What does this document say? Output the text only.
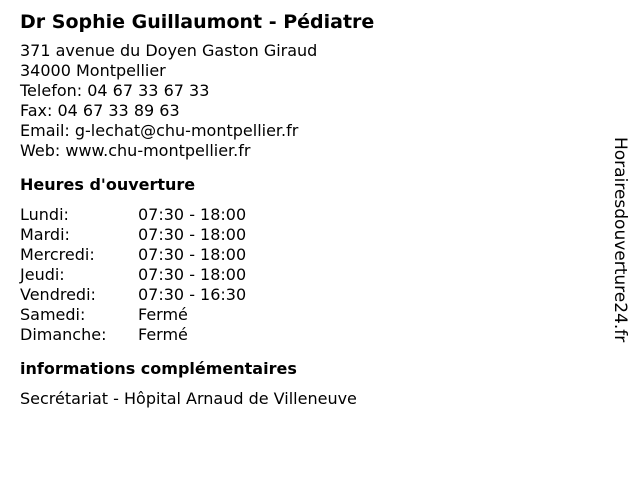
Dr Sophie Guillaumont - Pédiatre
371 avenue du Doyen Gaston Giraud
34000 Montpellier
Telefon: 04 67 33 67 33
Fax: 04 67 33 89 63
Email: g-lechat@chu-montpellier.fr
Web: www.chu-montpellier.fr
Heures d'ouverture
Lundi:	07:30 - 18:00
Mardi:	07:30 - 18:00
Mercredi:	07:30 - 18:00
Jeudi:	07:30 - 18:00
Vendredi:	07:30 - 16:30
Samedi:	Fermé
Dimanche:	Fermé
informations complémentaires
Secrétariat - Hôpital Arnaud de Villeneuve
Horairesdouverture24.fr
